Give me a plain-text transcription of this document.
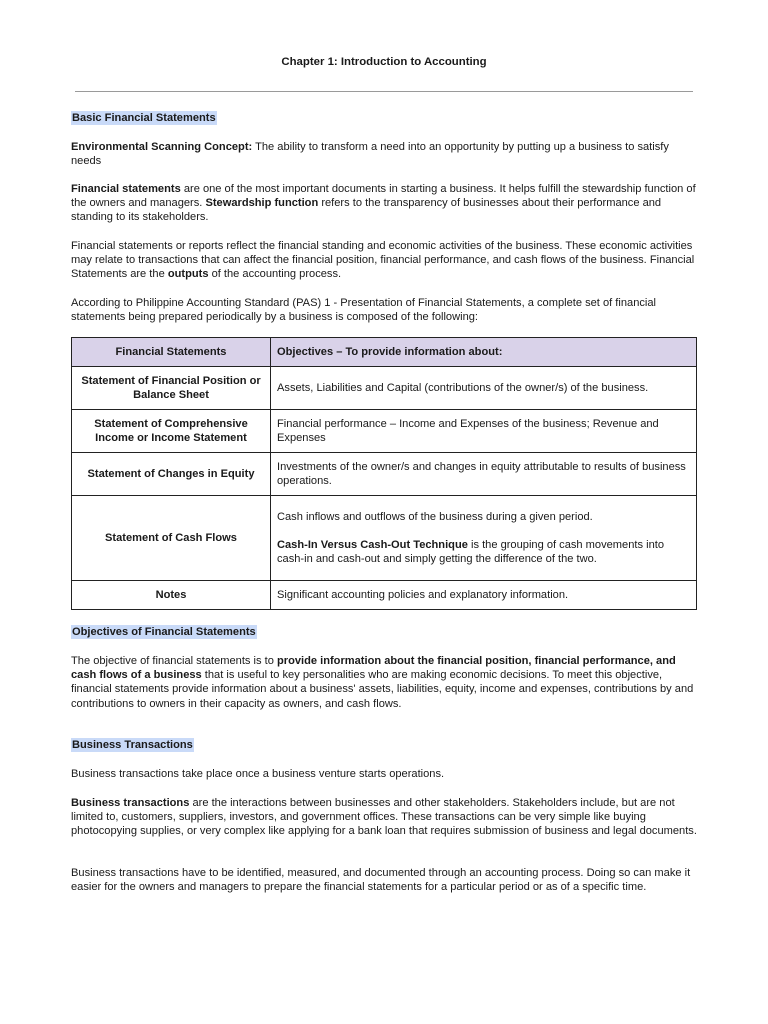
Chapter 1: Introduction to Accounting
Basic Financial Statements

Environmental Scanning Concept: The ability to transform a need into an opportunity by putting up a business to satisfy needs

Financial statements are one of the most important documents in starting a business. It helps fulfill the stewardship function of the owners and managers. Stewardship function refers to the transparency of businesses about their performance and standing to its stakeholders.

Financial statements or reports reflect the financial standing and economic activities of the business. These economic activities may relate to transactions that can affect the financial position, financial performance, and cash flows of the business. Financial Statements are the outputs of the accounting process.

According to Philippine Accounting Standard (PAS) 1 - Presentation of Financial Statements, a complete set of financial statements being prepared periodically by a business is composed of the following:

Financial Statements	Objectives – To provide information about:
Statement of Financial Position or Balance Sheet	Assets, Liabilities and Capital (contributions of the owner/s) of the business.
Statement of Comprehensive Income or Income Statement	Financial performance – Income and Expenses of the business; Revenue and Expenses
Statement of Changes in Equity	Investments of the owner/s and changes in equity attributable to results of business operations.
Statement of Cash Flows	Cash inflows and outflows of the business during a given period.

Cash-In Versus Cash-Out Technique is the grouping of cash movements into cash-in and cash-out and simply getting the difference of the two.

Notes	Significant accounting policies and explanatory information.
Objectives of Financial Statements

The objective of financial statements is to provide information about the financial position, financial performance, and cash flows of a business that is useful to key personalities who are making economic decisions. To meet this objective, financial statements provide information about a business' assets, liabilities, equity, income and expenses, contributions by and contributions to owners in their capacity as owners, and cash flows.

Business Transactions

Business transactions take place once a business venture starts operations.

Business transactions are the interactions between businesses and other stakeholders. Stakeholders include, but are not limited to, customers, suppliers, investors, and government offices. These transactions can be very simple like buying photocopying supplies, or very complex like applying for a bank loan that requires submission of business and legal documents.

Business transactions have to be identified, measured, and documented through an accounting process. Doing so can make it easier for the owners and managers to prepare the financial statements for a particular period or as of a specific time.
